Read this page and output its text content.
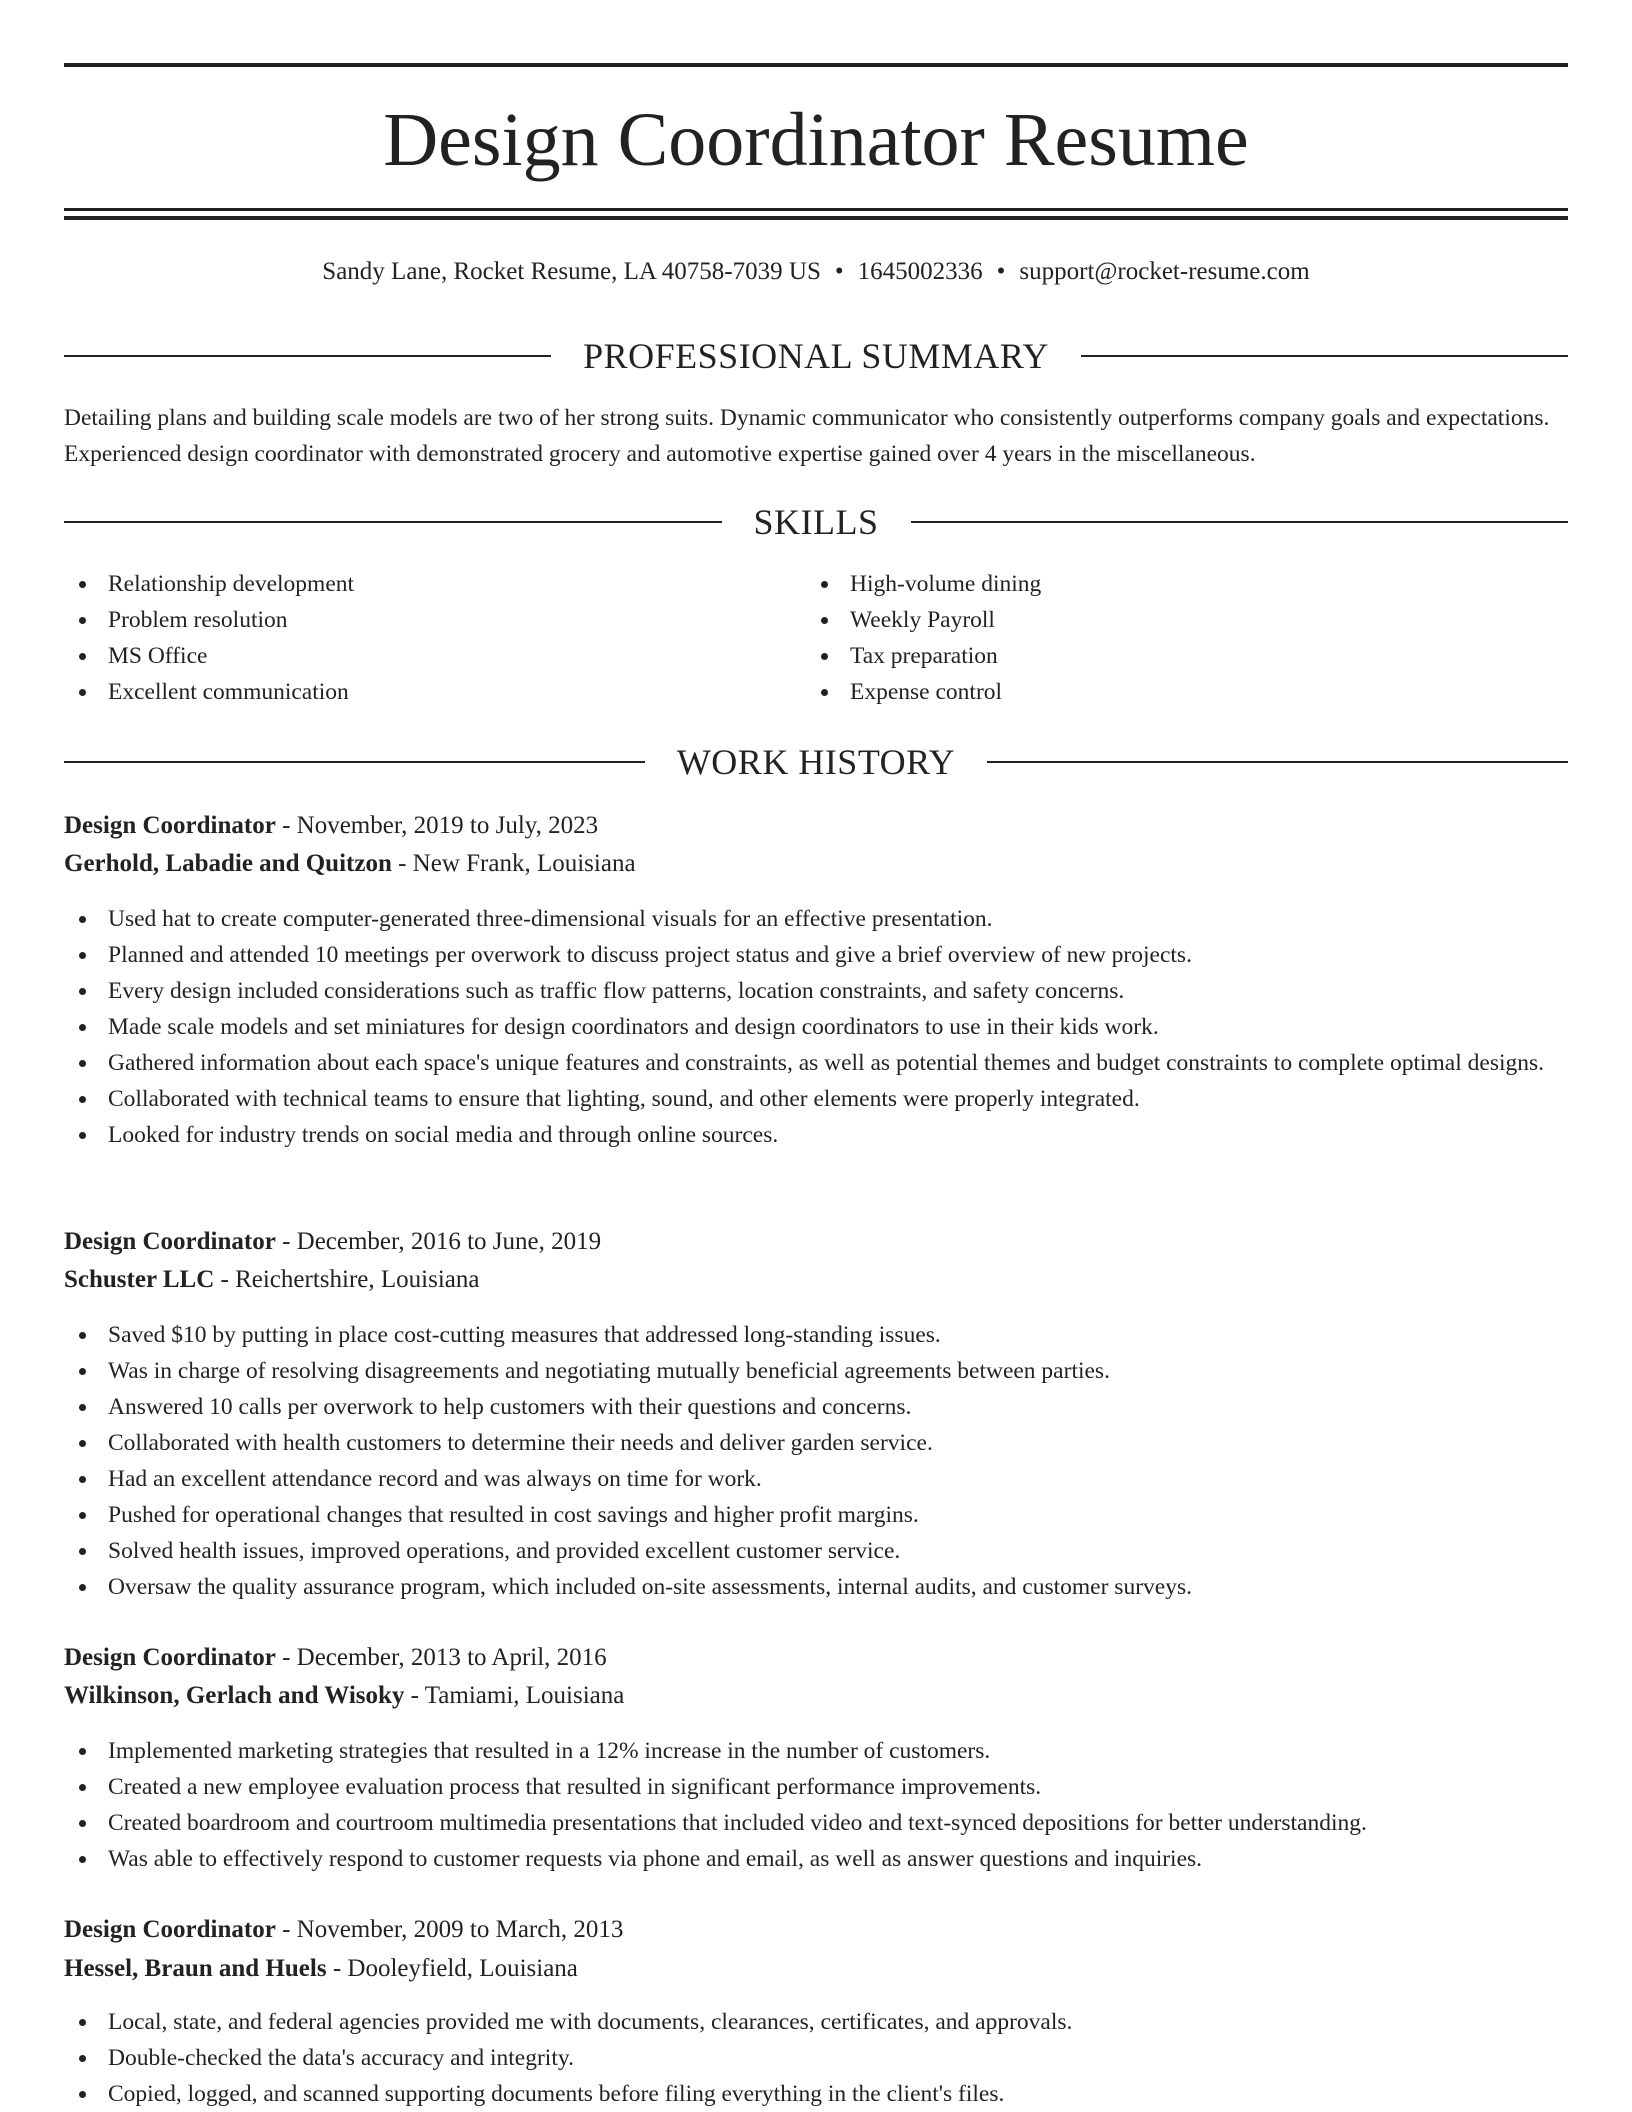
Design Coordinator Resume
Sandy Lane, Rocket Resume, LA 40758-7039 US • 1645002336 • support@rocket-resume.com
PROFESSIONAL SUMMARY

Detailing plans and building scale models are two of her strong suits. Dynamic communicator who consistently outperforms company goals and expectations. Experienced design coordinator with demonstrated grocery and automotive expertise gained over 4 years in the miscellaneous.

SKILLS
Relationship development
Problem resolution
MS Office
Excellent communication
High-volume dining
Weekly Payroll
Tax preparation
Expense control
WORK HISTORY
Design Coordinator - November, 2019 to July, 2023
Gerhold, Labadie and Quitzon - New Frank, Louisiana
Used hat to create computer-generated three-dimensional visuals for an effective presentation.
Planned and attended 10 meetings per overwork to discuss project status and give a brief overview of new projects.
Every design included considerations such as traffic flow patterns, location constraints, and safety concerns.
Made scale models and set miniatures for design coordinators and design coordinators to use in their kids work.
Gathered information about each space's unique features and constraints, as well as potential themes and budget constraints to complete optimal designs.
Collaborated with technical teams to ensure that lighting, sound, and other elements were properly integrated.
Looked for industry trends on social media and through online sources.
Design Coordinator - December, 2016 to June, 2019
Schuster LLC - Reichertshire, Louisiana
Saved $10 by putting in place cost-cutting measures that addressed long-standing issues.
Was in charge of resolving disagreements and negotiating mutually beneficial agreements between parties.
Answered 10 calls per overwork to help customers with their questions and concerns.
Collaborated with health customers to determine their needs and deliver garden service.
Had an excellent attendance record and was always on time for work.
Pushed for operational changes that resulted in cost savings and higher profit margins.
Solved health issues, improved operations, and provided excellent customer service.
Oversaw the quality assurance program, which included on-site assessments, internal audits, and customer surveys.
Design Coordinator - December, 2013 to April, 2016
Wilkinson, Gerlach and Wisoky - Tamiami, Louisiana
Implemented marketing strategies that resulted in a 12% increase in the number of customers.
Created a new employee evaluation process that resulted in significant performance improvements.
Created boardroom and courtroom multimedia presentations that included video and text-synced depositions for better understanding.
Was able to effectively respond to customer requests via phone and email, as well as answer questions and inquiries.
Design Coordinator - November, 2009 to March, 2013
Hessel, Braun and Huels - Dooleyfield, Louisiana
Local, state, and federal agencies provided me with documents, clearances, certificates, and approvals.
Double-checked the data's accuracy and integrity.
Copied, logged, and scanned supporting documents before filing everything in the client's files.
